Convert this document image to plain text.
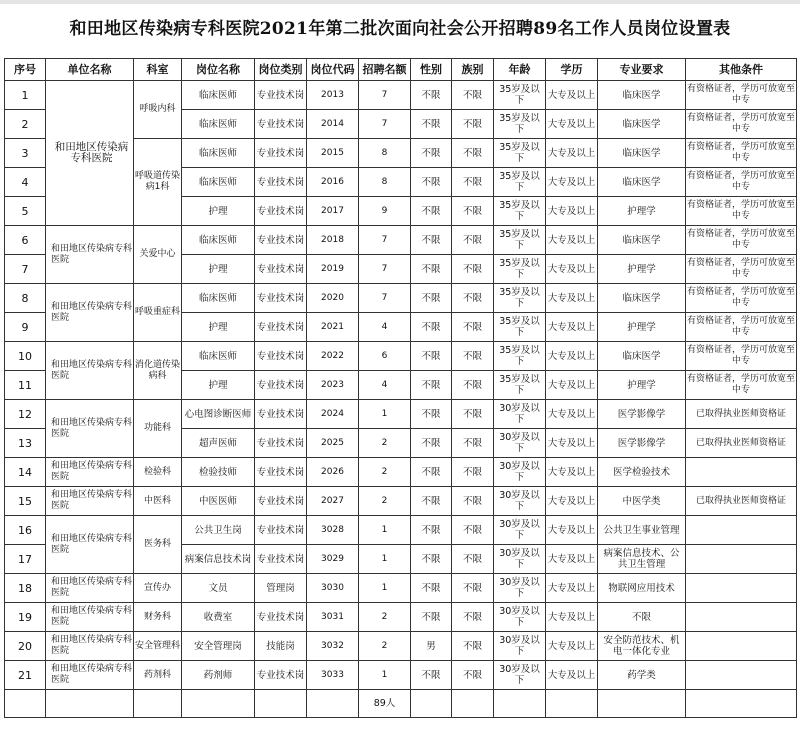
和田地区传染病专科医院2021年第二批次面向社会公开招聘89名工作人员岗位设置表
序号	单位名称	科室	岗位名称	岗位类别	岗位代码	招聘名额	性别	族别	年龄	学历	专业要求	其他条件
1	和田地区传染病专科医院	呼吸内科	临床医师	专业技术岗	2013	7	不限	不限	35岁及以下	大专及以上	临床医学	有资格证者，学历可放宽至中专
2			临床医师	专业技术岗	2014	7	不限	不限	35岁及以下	大专及以上	临床医学	有资格证者，学历可放宽至中专
3		呼吸道传染病1科	临床医师	专业技术岗	2015	8	不限	不限	35岁及以下	大专及以上	临床医学	有资格证者，学历可放宽至中专
4			临床医师	专业技术岗	2016	8	不限	不限	35岁及以下	大专及以上	临床医学	有资格证者，学历可放宽至中专
5			护理	专业技术岗	2017	9	不限	不限	35岁及以下	大专及以上	护理学	有资格证者，学历可放宽至中专
6	和田地区传染病专科医院	关爱中心	临床医师	专业技术岗	2018	7	不限	不限	35岁及以下	大专及以上	临床医学	有资格证者，学历可放宽至中专
7			护理	专业技术岗	2019	7	不限	不限	35岁及以下	大专及以上	护理学	有资格证者，学历可放宽至中专
8	和田地区传染病专科医院	呼吸重症科	临床医师	专业技术岗	2020	7	不限	不限	35岁及以下	大专及以上	临床医学	有资格证者，学历可放宽至中专
9			护理	专业技术岗	2021	4	不限	不限	35岁及以下	大专及以上	护理学	有资格证者，学历可放宽至中专
10	和田地区传染病专科医院	消化道传染病科	临床医师	专业技术岗	2022	6	不限	不限	35岁及以下	大专及以上	临床医学	有资格证者，学历可放宽至中专
11			护理	专业技术岗	2023	4	不限	不限	35岁及以下	大专及以上	护理学	有资格证者，学历可放宽至中专
12	和田地区传染病专科医院	功能科	心电图诊断医师	专业技术岗	2024	1	不限	不限	30岁及以下	大专及以上	医学影像学	已取得执业医师资格证
13			超声医师	专业技术岗	2025	2	不限	不限	30岁及以下	大专及以上	医学影像学	已取得执业医师资格证
14	和田地区传染病专科医院	检验科	检验技师	专业技术岗	2026	2	不限	不限	30岁及以下	大专及以上	医学检验技术	
15	和田地区传染病专科医院	中医科	中医医师	专业技术岗	2027	2	不限	不限	30岁及以下	大专及以上	中医学类	已取得执业医师资格证
16	和田地区传染病专科医院	医务科	公共卫生岗	专业技术岗	3028	1	不限	不限	30岁及以下	大专及以上	公共卫生事业管理	
17			病案信息技术岗	专业技术岗	3029	1	不限	不限	30岁及以下	大专及以上	病案信息技术、公共卫生管理	
18	和田地区传染病专科医院	宣传办	文员	管理岗	3030	1	不限	不限	30岁及以下	大专及以上	物联网应用技术	
19	和田地区传染病专科医院	财务科	收费室	专业技术岗	3031	2	不限	不限	30岁及以下	大专及以上	不限	
20	和田地区传染病专科医院	安全管理科	安全管理岗	技能岗	3032	2	男	不限	30岁及以下	大专及以上	安全防范技术、机电一体化专业	
21	和田地区传染病专科医院	药剂科	药剂师	专业技术岗	3033	1	不限	不限	30岁及以下	大专及以上	药学类	
						89人						
